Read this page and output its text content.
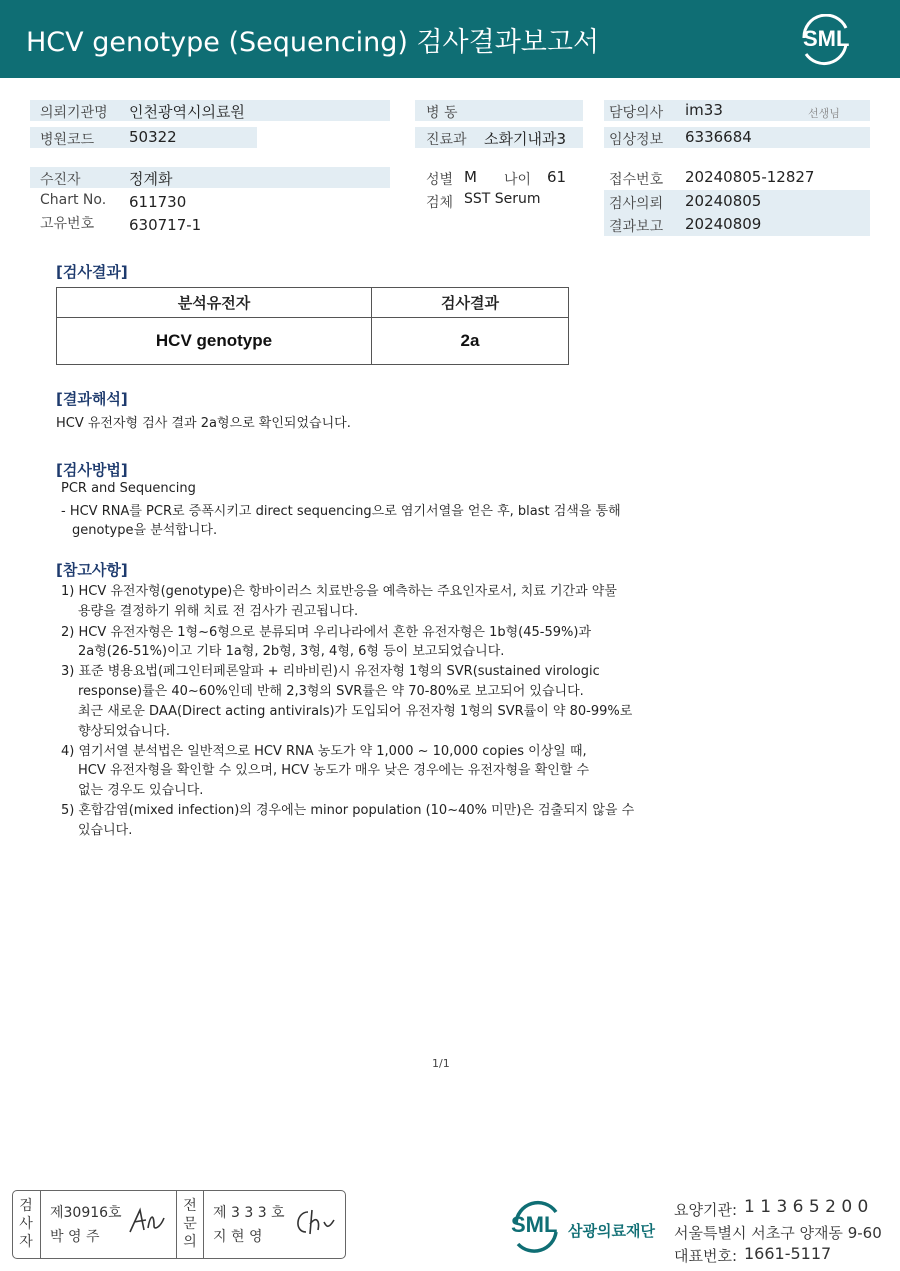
HCV genotype (Sequencing) 검사결과보고서	SML
의뢰기관명 인천광역시의료원
병원코드 50322
수진자	정계화
Chart No. 611730
고유번호 630717-1
병 동
진료과 소화기내과3
성별 M 나이 61
검체 SST Serum
담당의사 im33	선생님
임상정보 6336684
접수번호 20240805-12827
검사의뢰 20240805
결과보고 20240809
[검사결과]
분석유전자	검사결과
HCV genotype	2a
[결과해석]
HCV 유전자형 검사 결과 2a형으로 확인되었습니다.
[검사방법]
PCR and Sequencing
- HCV RNA를 PCR로 증폭시키고 direct sequencing으로 염기서열을 얻은 후, blast 검색을 통해
genotype을 분석합니다.
[참고사항]
1) HCV 유전자형(genotype)은 항바이러스 치료반응을 예측하는 주요인자로서, 치료 기간과 약물
용량을 결정하기 위해 치료 전 검사가 권고됩니다.
2) HCV 유전자형은 1형~6형으로 분류되며 우리나라에서 흔한 유전자형은 1b형(45-59%)과
2a형(26-51%)이고 기타 1a형, 2b형, 3형, 4형, 6형 등이 보고되었습니다.
3) 표준 병용요법(페그인터페론알파 + 리바비린)시 유전자형 1형의 SVR(sustained virologic
response)률은 40~60%인데 반해 2,3형의 SVR률은 약 70-80%로 보고되어 있습니다.
최근 새로운 DAA(Direct acting antivirals)가 도입되어 유전자형 1형의 SVR률이 약 80-99%로
향상되었습니다.
4) 염기서열 분석법은 일반적으로 HCV RNA 농도가 약 1,000 ~ 10,000 copies 이상일 때,
HCV 유전자형을 확인할 수 있으며, HCV 농도가 매우 낮은 경우에는 유전자형을 확인할 수
없는 경우도 있습니다.
5) 혼합감염(mixed infection)의 경우에는 minor population (10~40% 미만)은 검출되지 않을 수
있습니다.
1/1
검
사
자
제30916호
박 영 주
전
문
의
제 3 3 3 호
지 현 영	SML 삼광의료재단
요양기관: 1 1 3 6 5 2 0 0
서울특별시 서초구 양재동 9-60
대표번호: 1661-5117
